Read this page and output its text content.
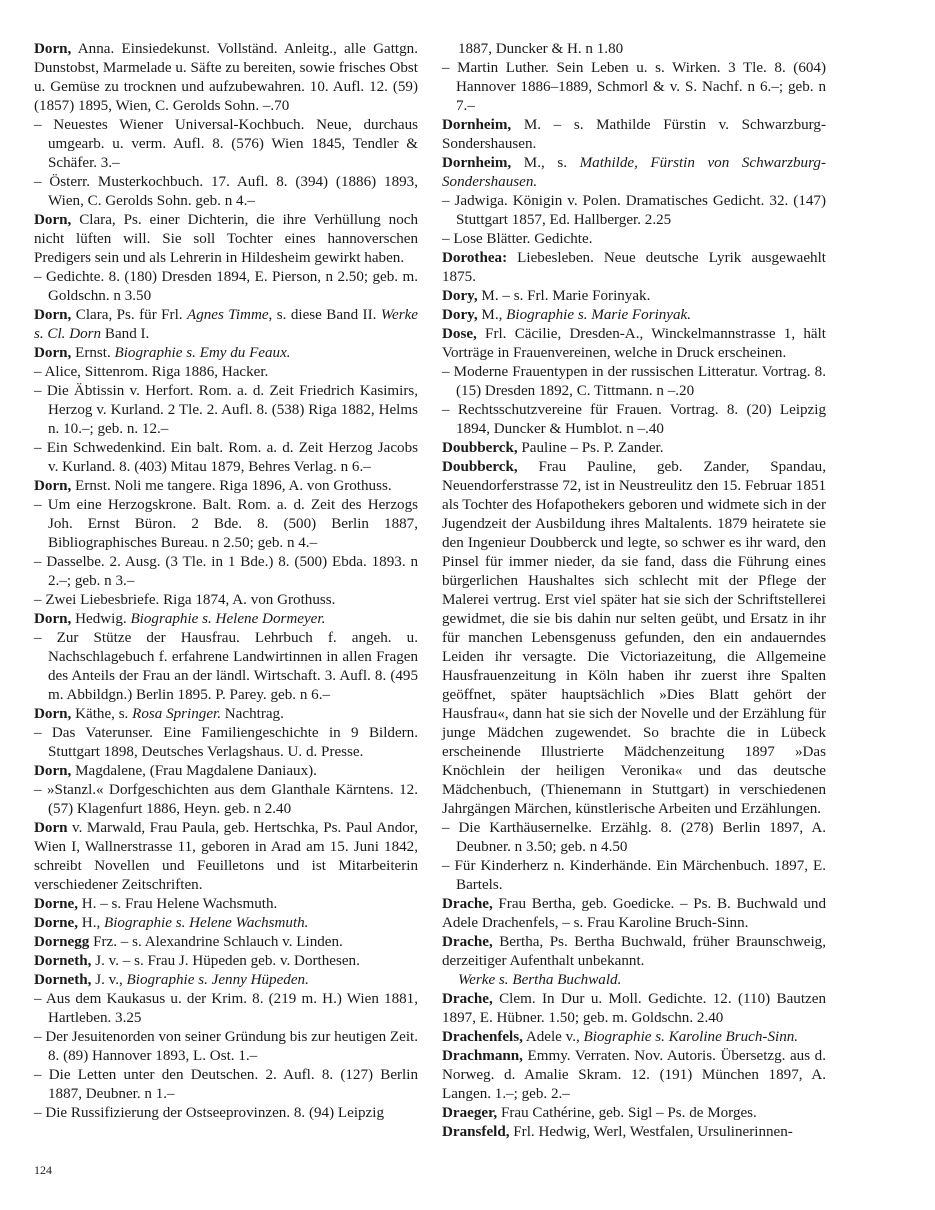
Dorn, Anna. Einsiedekunst. Vollständ. Anleitg., alle Gattgn. Dunstobst, Marmelade u. Säfte zu bereiten, sowie frisches Obst u. Gemüse zu trocknen und aufzubewahren. 10. Aufl. 12. (59) (1857) 1895, Wien, C. Gerolds Sohn. –.70

– Neuestes Wiener Universal-Kochbuch. Neue, durchaus umgearb. u. verm. Aufl. 8. (576) Wien 1845, Tendler & Schäfer. 3.–

– Österr. Musterkochbuch. 17. Aufl. 8. (394) (1886) 1893, Wien, C. Gerolds Sohn. geb. n 4.–

Dorn, Clara, Ps. einer Dichterin, die ihre Verhüllung noch nicht lüften will. Sie soll Tochter eines hannoverschen Predigers sein und als Lehrerin in Hildesheim gewirkt haben.

– Gedichte. 8. (180) Dresden 1894, E. Pierson, n 2.50; geb. m. Goldschn. n 3.50

Dorn, Clara, Ps. für Frl. Agnes Timme, s. diese Band II. Werke s. Cl. Dorn Band I.

Dorn, Ernst. Biographie s. Emy du Feaux.

– Alice, Sittenrom. Riga 1886, Hacker.

– Die Äbtissin v. Herfort. Rom. a. d. Zeit Friedrich Kasimirs, Herzog v. Kurland. 2 Tle. 2. Aufl. 8. (538) Riga 1882, Helms n. 10.–; geb. n. 12.–

– Ein Schwedenkind. Ein balt. Rom. a. d. Zeit Herzog Jacobs v. Kurland. 8. (403) Mitau 1879, Behres Verlag. n 6.–

Dorn, Ernst. Noli me tangere. Riga 1896, A. von Grothuss.

– Um eine Herzogskrone. Balt. Rom. a. d. Zeit des Herzogs Joh. Ernst Büron. 2 Bde. 8. (500) Berlin 1887, Bibliographisches Bureau. n 2.50; geb. n 4.–

– Dasselbe. 2. Ausg. (3 Tle. in 1 Bde.) 8. (500) Ebda. 1893. n 2.–; geb. n 3.–

– Zwei Liebesbriefe. Riga 1874, A. von Grothuss.

Dorn, Hedwig. Biographie s. Helene Dormeyer.

– Zur Stütze der Hausfrau. Lehrbuch f. angeh. u. Nachschlagebuch f. erfahrene Landwirtinnen in allen Fragen des Anteils der Frau an der ländl. Wirtschaft. 3. Aufl. 8. (495 m. Abbildgn.) Berlin 1895. P. Parey. geb. n 6.–

Dorn, Käthe, s. Rosa Springer. Nachtrag.

– Das Vaterunser. Eine Familiengeschichte in 9 Bildern. Stuttgart 1898, Deutsches Verlagshaus. U. d. Presse.

Dorn, Magdalene, (Frau Magdalene Daniaux).

– »Stanzl.« Dorfgeschichten aus dem Glanthale Kärntens. 12. (57) Klagenfurt 1886, Heyn. geb. n 2.40

Dorn v. Marwald, Frau Paula, geb. Hertschka, Ps. Paul Andor, Wien I, Wallnerstrasse 11, geboren in Arad am 15. Juni 1842, schreibt Novellen und Feuilletons und ist Mitarbeiterin verschiedener Zeitschriften.

Dorne, H. – s. Frau Helene Wachsmuth.

Dorne, H., Biographie s. Helene Wachsmuth.

Dornegg Frz. – s. Alexandrine Schlauch v. Linden.

Dorneth, J. v. – s. Frau J. Hüpeden geb. v. Dorthesen.

Dorneth, J. v., Biographie s. Jenny Hüpeden.

– Aus dem Kaukasus u. der Krim. 8. (219 m. H.) Wien 1881, Hartleben. 3.25

– Der Jesuitenorden von seiner Gründung bis zur heutigen Zeit. 8. (89) Hannover 1893, L. Ost. 1.–

– Die Letten unter den Deutschen. 2. Aufl. 8. (127) Berlin 1887, Deubner. n 1.–

– Die Russifizierung der Ostseeprovinzen. 8. (94) Leipzig

1887, Duncker & H. n 1.80

– Martin Luther. Sein Leben u. s. Wirken. 3 Tle. 8. (604) Hannover 1886–1889, Schmorl & v. S. Nachf. n 6.–; geb. n 7.–

Dornheim, M. – s. Mathilde Fürstin v. Schwarzburg-Sondershausen.

Dornheim, M., s. Mathilde, Fürstin von Schwarzburg-Sondershausen.

– Jadwiga. Königin v. Polen. Dramatisches Gedicht. 32. (147) Stuttgart 1857, Ed. Hallberger. 2.25

– Lose Blätter. Gedichte.

Dorothea: Liebesleben. Neue deutsche Lyrik ausgewaehlt 1875.

Dory, M. – s. Frl. Marie Forinyak.

Dory, M., Biographie s. Marie Forinyak.

Dose, Frl. Cäcilie, Dresden-A., Winckelmannstrasse 1, hält Vorträge in Frauenvereinen, welche in Druck erscheinen.

– Moderne Frauentypen in der russischen Litteratur. Vortrag. 8. (15) Dresden 1892, C. Tittmann. n –.20

– Rechtsschutzvereine für Frauen. Vortrag. 8. (20) Leipzig 1894, Duncker & Humblot. n –.40

Doubberck, Pauline – Ps. P. Zander.

Doubberck, Frau Pauline, geb. Zander, Spandau, Neuendorferstrasse 72, ist in Neustreulitz den 15. Februar 1851 als Tochter des Hofapothekers geboren und widmete sich in der Jugendzeit der Ausbildung ihres Maltalents. 1879 heiratete sie den Ingenieur Doubberck und legte, so schwer es ihr ward, den Pinsel für immer nieder, da sie fand, dass die Führung eines bürgerlichen Haushaltes sich schlecht mit der Pflege der Malerei vertrug. Erst viel später hat sie sich der Schriftstellerei gewidmet, die sie bis dahin nur selten geübt, und Ersatz in ihr für manchen Lebensgenuss gefunden, den ein andauerndes Leiden ihr versagte. Die Victoriazeitung, die Allgemeine Hausfrauenzeitung in Köln haben ihr zuerst ihre Spalten geöffnet, später hauptsächlich »Dies Blatt gehört der Hausfrau«, dann hat sie sich der Novelle und der Erzählung für junge Mädchen zugewendet. So brachte die in Lübeck erscheinende Illustrierte Mädchenzeitung 1897 »Das Knöchlein der heiligen Veronika« und das deutsche Mädchenbuch, (Thienemann in Stuttgart) in verschiedenen Jahrgängen Märchen, künstlerische Arbeiten und Erzählungen.

– Die Karthäusernelke. Erzählg. 8. (278) Berlin 1897, A. Deubner. n 3.50; geb. n 4.50

– Für Kinderherz n. Kinderhände. Ein Märchenbuch. 1897, E. Bartels.

Drache, Frau Bertha, geb. Goedicke. – Ps. B. Buchwald und Adele Drachenfels, – s. Frau Karoline Bruch-Sinn.

Drache, Bertha, Ps. Bertha Buchwald, früher Braunschweig, derzeitiger Aufenthalt unbekannt.

Werke s. Bertha Buchwald.

Drache, Clem. In Dur u. Moll. Gedichte. 12. (110) Bautzen 1897, E. Hübner. 1.50; geb. m. Goldschn. 2.40

Drachenfels, Adele v., Biographie s. Karoline Bruch-Sinn.

Drachmann, Emmy. Verraten. Nov. Autoris. Übersetzg. aus d. Norweg. d. Amalie Skram. 12. (191) München 1897, A. Langen. 1.–; geb. 2.–

Draeger, Frau Cathérine, geb. Sigl – Ps. de Morges.

Dransfeld, Frl. Hedwig, Werl, Westfalen, Ursulinerinnen-

124
